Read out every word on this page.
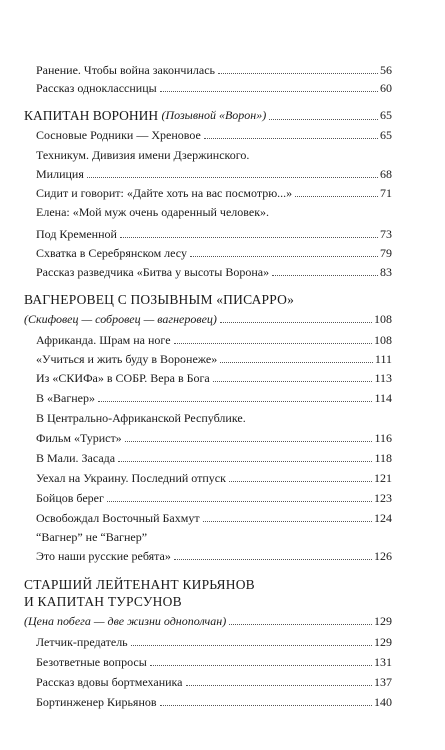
Ранение. Чтобы война закончилась	56
Рассказ одноклассницы	60
КАПИТАН ВОРОНИН
(Позывной «Ворон»)	65
Сосновые Родники — Хреновое	65
Техникум. Дивизия имени Дзержинского.
Милиция	68
Сидит и говорит: «Дайте хоть на вас посмотрю...»	71
Елена: «Мой муж очень одаренный человек».
Под Кременной	73
Схватка в Серебрянском лесу	79
Рассказ разведчика «Битва у высоты Ворона»	83
ВАГНЕРОВЕЦ С ПОЗЫВНЫМ «ПИСАРРО»
(Скифовец — собровец — вагнеровец)	108
Африканда. Шрам на ноге	108
«Учиться и жить буду в Воронеже»	111
Из «СКИФа» в СОБР. Вера в Бога	113
В «Вагнер»	114
В Центрально-Африканской Республике.
Фильм «Турист»	116
В Мали. Засада	118
Уехал на Украину. Последний отпуск	121
Бойцов берег	123
Освобождал Восточный Бахмут	124
“Вагнер” не “Вагнер”
Это наши русские ребята»	126
СТАРШИЙ ЛЕЙТЕНАНТ КИРЬЯНОВ
И КАПИТАН ТУРСУНОВ
(Цена побега — две жизни однополчан)	129
Летчик-предатель	129
Безответные вопросы	131
Рассказ вдовы бортмеханика	137
Бортинженер Кирьянов	140
